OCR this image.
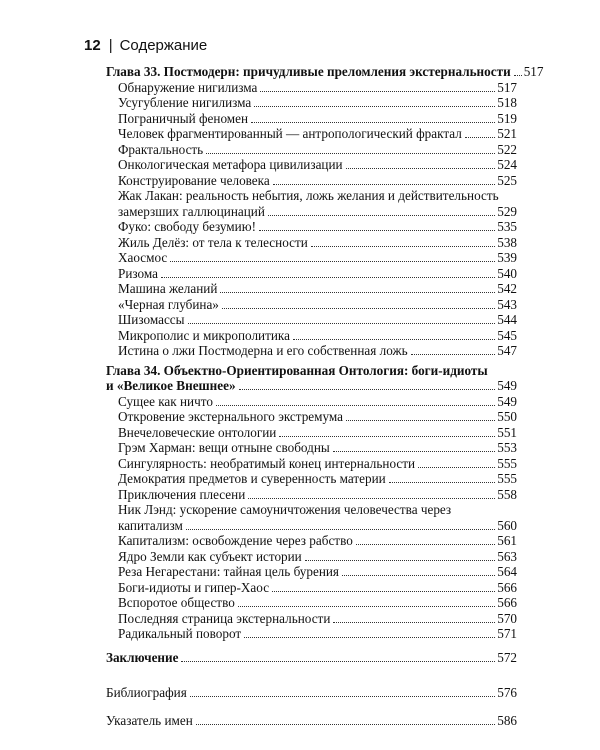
12 | Содержание
Глава 33. Постмодерн: причудливые преломления экстернальности 517
Обнаружение нигилизма	517
Усугубление нигилизма	518
Пограничный феномен	519
Человек фрагментированный — антропологический фрактал	521
Фрактальность	522
Онкологическая метафора цивилизации	524
Конструирование человека	525
Жак Лакан: реальность небытия, ложь желания и действительность
замерзших галлюцинаций	529
Фуко: свободу безумию!	535
Жиль Делёз: от тела к телесности	538
Хаосмос	539
Ризома	540
Машина желаний	542
«Черная глубина»	543
Шизомассы	544
Микрополис и микрополитика	545
Истина о лжи Постмодерна и его собственная ложь	547
Глава 34. Объектно-Ориентированная Онтология: боги-идиоты
и «Великое Внешнее»	549
Сущее как ничто	549
Откровение экстернального экстремума	550
Внечеловеческие онтологии	551
Грэм Харман: вещи отныне свободны	553
Сингулярность: необратимый конец интернальности	555
Демократия предметов и суверенность материи	555
Приключения плесени	558
Ник Лэнд: ускорение самоуничтожения человечества через
капитализм	560
Капитализм: освобождение через рабство	561
Ядро Земли как субъект истории	563
Реза Негарестани: тайная цель бурения	564
Боги-идиоты и гипер-Хаос	566
Вспоротое общество	566
Последняя страница экстернальности	570
Радикальный поворот	571
Заключение	572
Библиография	576
Указатель имен	586
